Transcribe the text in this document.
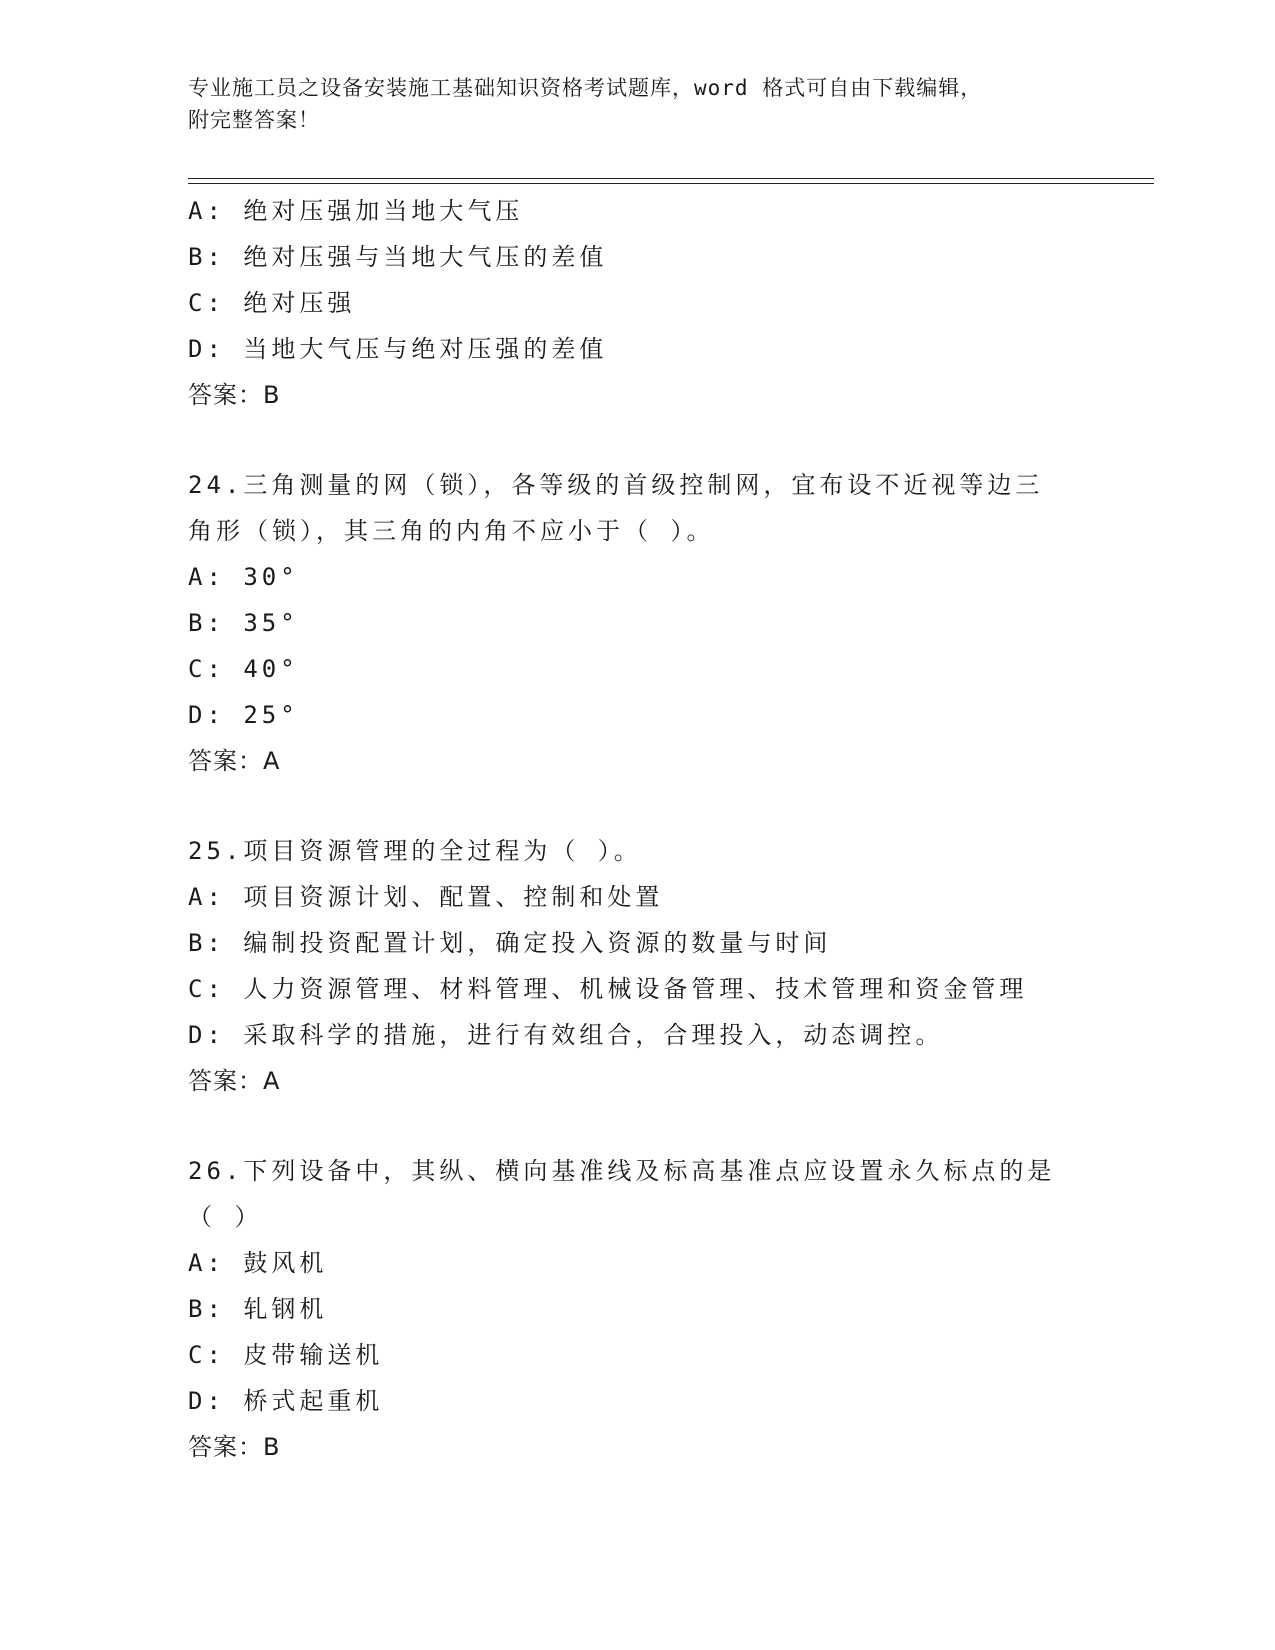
专业施工员之设备安装施工基础知识资格考试题库，word 格式可自由下载编辑，
附完整答案！
A: 绝对压强加当地大气压
B: 绝对压强与当地大气压的差值
C: 绝对压强
D: 当地大气压与绝对压强的差值
答案：B
24.三角测量的网（锁），各等级的首级控制网，宜布设不近视等边三
角形（锁），其三角的内角不应小于（ ）。
A: 30°
B: 35°
C: 40°
D: 25°
答案：A
25.项目资源管理的全过程为（ ）。
A: 项目资源计划、配置、控制和处置
B: 编制投资配置计划，确定投入资源的数量与时间
C: 人力资源管理、材料管理、机械设备管理、技术管理和资金管理
D: 采取科学的措施，进行有效组合，合理投入，动态调控。
答案：A
26.下列设备中，其纵、横向基准线及标高基准点应设置永久标点的是
（ ）
A: 鼓风机
B: 轧钢机
C: 皮带输送机
D: 桥式起重机
答案：B
